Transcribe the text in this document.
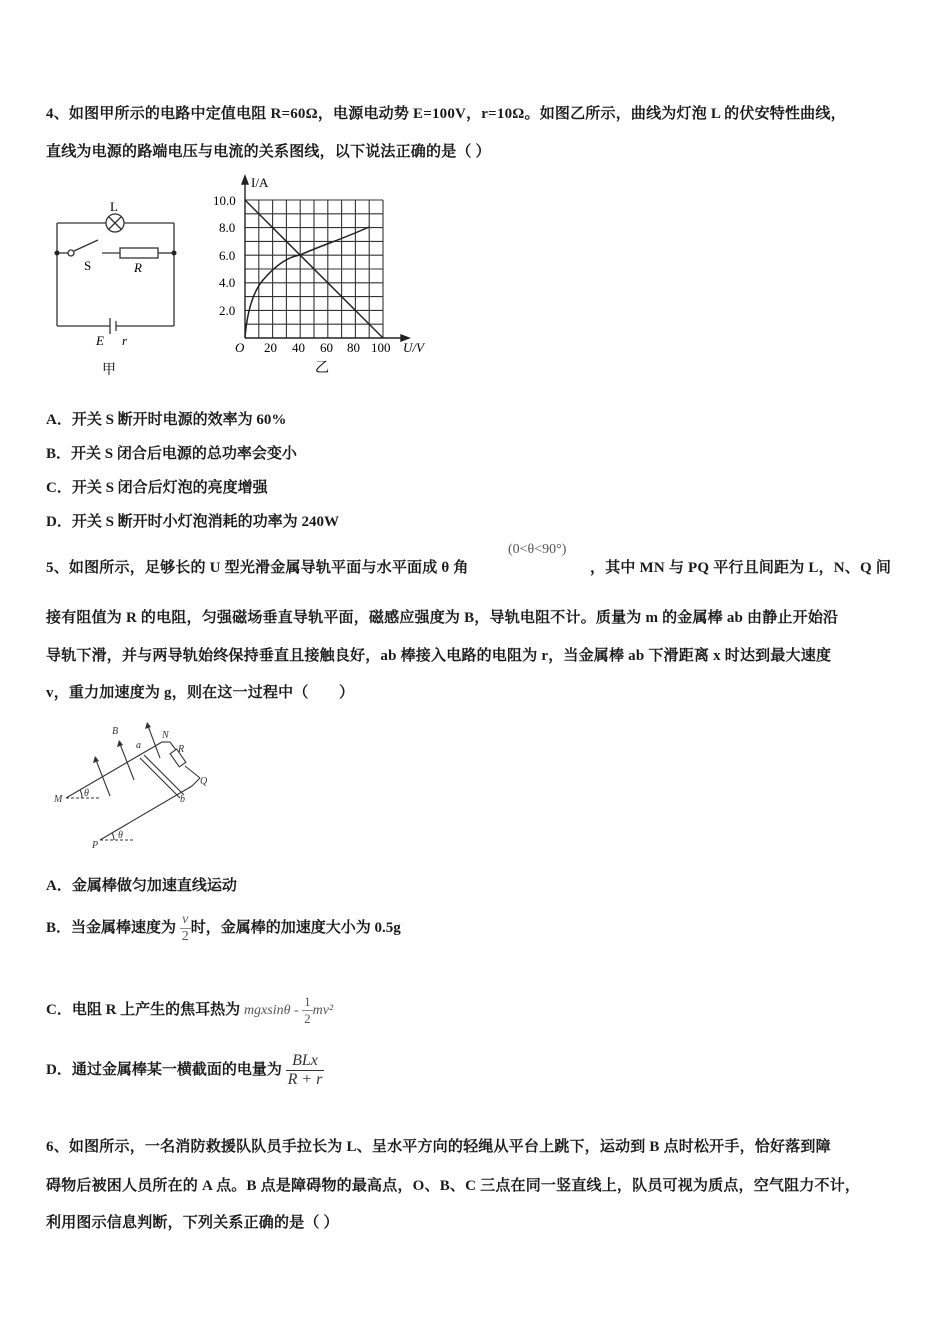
4、如图甲所示的电路中定值电阻 R=60Ω，电源电动势 E=100V，r=10Ω。如图乙所示，曲线为灯泡 L 的伏安特性曲线，
直线为电源的路端电压与电流的关系图线，以下说法正确的是（ ）
L
S	R
E r
甲
I/A
10.0
8.0
6.0
4.0
2.0
O 20 40 60 80 100 U/V
乙
A．开关 S 断开时电源的效率为 60%
B．开关 S 闭合后电源的总功率会变小
C．开关 S 闭合后灯泡的亮度增强
D．开关 S 断开时小灯泡消耗的功率为 240W
5、如图所示，足够长的 U 型光滑金属导轨平面与水平面成 θ 角
(0<θ<90°)
，其中 MN 与 PQ 平行且间距为 L，N、Q 间
接有阻值为 R 的电阻，匀强磁场垂直导轨平面，磁感应强度为 B，导轨电阻不计。质量为 m 的金属棒 ab 由静止开始沿
导轨下滑，并与两导轨始终保持垂直且接触良好，ab 棒接入电路的电阻为 r，当金属棒 ab 下滑距离 x 时达到最大速度
v，重力加速度为 g，则在这一过程中（　　）
B
a
N
R
Q
b
M
P
θ
θ
A．金属棒做匀加速直线运动
B．当金属棒速度为 $\frac{v}{2}$ 时，金属棒的加速度大小为 0.5g
C．电阻 R 上产生的焦耳热为 mgxsinθ - $\frac{1}{2} mv^2$
D．通过金属棒某一横截面的电量为 $\frac{\text{BLx}}{R + r}$
6、如图所示，一名消防救援队队员手拉长为 L、呈水平方向的轻绳从平台上跳下，运动到 B 点时松开手，恰好落到障
碍物后被困人员所在的 A 点。B 点是障碍物的最高点，O、B、C 三点在同一竖直线上，队员可视为质点，空气阻力不计，
利用图示信息判断，下列关系正确的是（ ）
